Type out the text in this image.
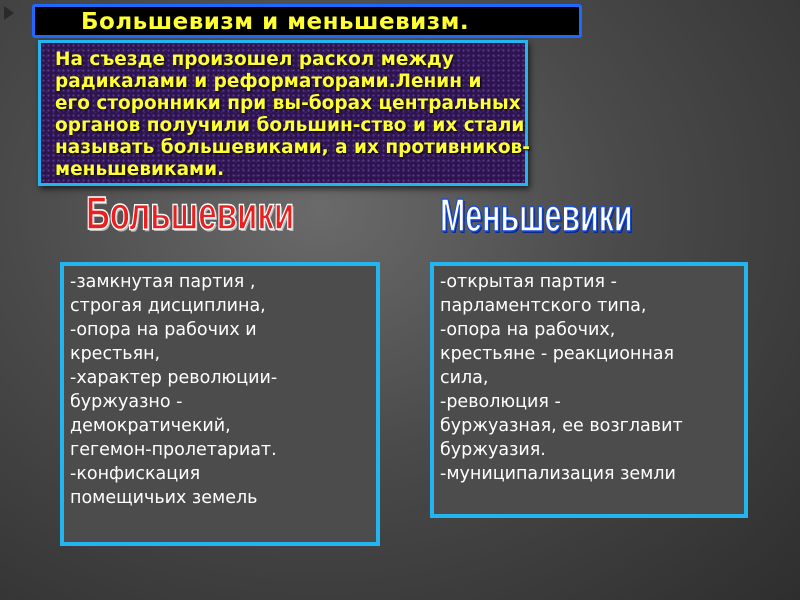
Большевизм и меньшевизм.
На съезде произошел раскол между
радикалами и реформаторами.Ленин и
его сторонники при вы-борах центральных
органов получили большин-ство и их стали
называть большевиками, а их противников-
меньшевиками.
Большевики	Меньшевики
-замкнутая партия ,
строгая дисциплина,
-опора на рабочих и
крестьян,
-характер революции-
буржуазно -
демократичекий,
гегемон-пролетариат.
-конфискация
помещичьих земель
-открытая партия -
парламентского типа,
-опора на рабочих,
крестьяне - реакционная
сила,
-революция -
буржуазная, ее возглавит
буржуазия.
-муниципализация земли
